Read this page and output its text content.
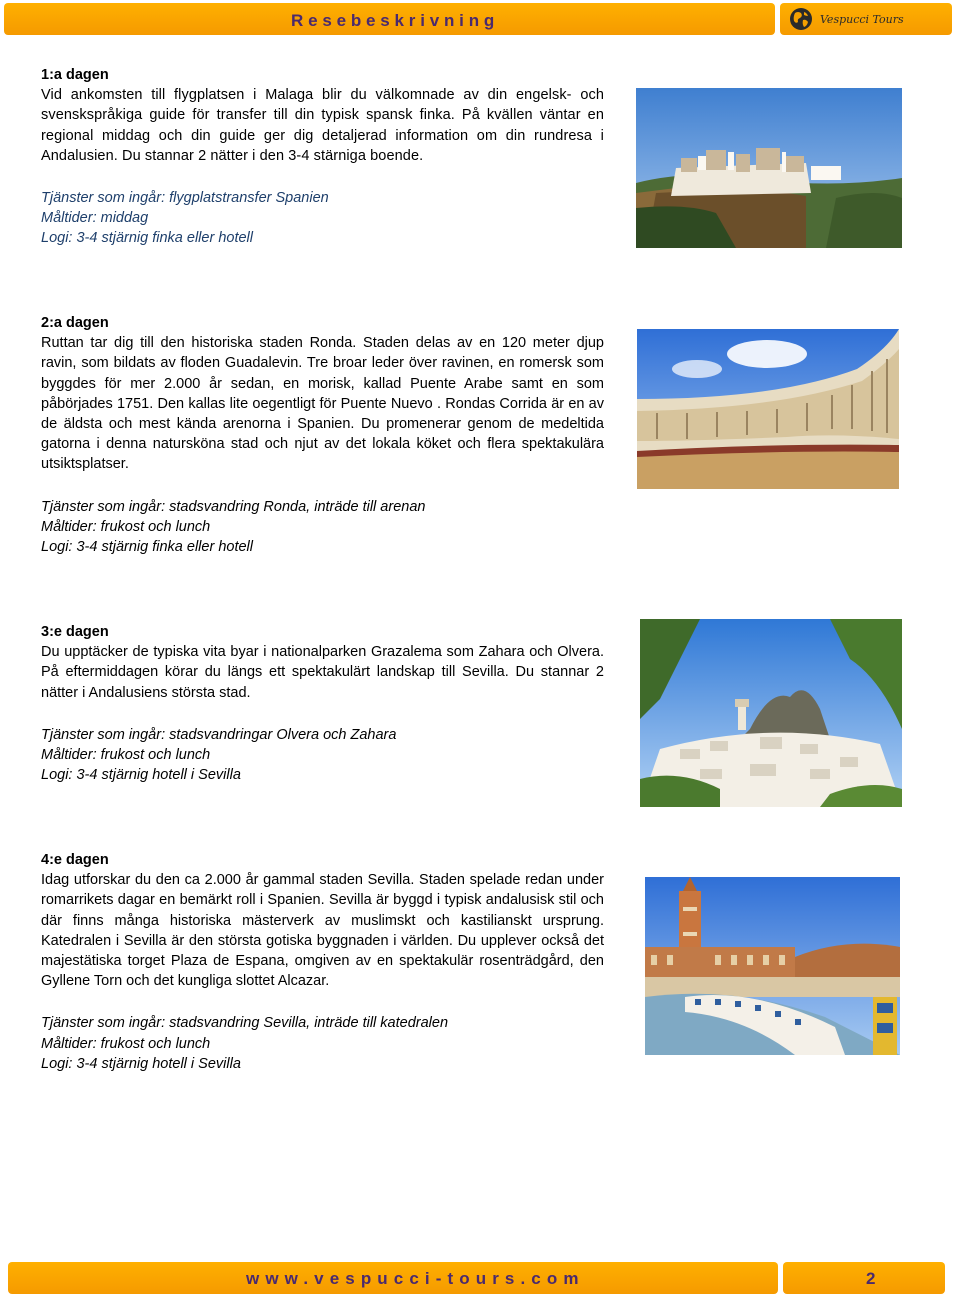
Resebeskrivning	Vespucci Tours
1:a dagen
Vid ankomsten till flygplatsen i Malaga blir du välkomnade av din engelsk- och svenskspråkiga guide för transfer till din typisk spansk finka. På kvällen väntar en regional middag och din guide ger dig detaljerad information om din rundresa i Andalusien. Du stannar 2 nätter i den 3-4 stärniga boende.
Tjänster som ingår: flygplatstransfer Spanien
Måltider: middag
Logi: 3-4 stjärnig finka eller hotell
2:a dagen
Ruttan tar dig till den historiska staden Ronda. Staden delas av en 120 meter djup ravin, som bildats av floden Guadalevin. Tre broar leder över ravinen, en romersk som byggdes för mer 2.000 år sedan, en morisk, kallad Puente Arabe samt en som påbörjades 1751. Den kallas lite oegentligt för Puente Nuevo . Rondas Corrida är en av de äldsta och mest kända arenorna i Spanien. Du promenerar genom de medeltida gatorna i denna natursköna stad och njut av det lokala köket och flera spektakulära utsiktsplatser.
Tjänster som ingår: stadsvandring Ronda, inträde till arenan
Måltider: frukost och lunch
Logi: 3-4 stjärnig finka eller hotell
3:e dagen
Du upptäcker de typiska vita byar i nationalparken Grazalema som Zahara och Olvera. På eftermiddagen körar du längs ett spektakulärt landskap till Sevilla. Du stannar 2 nätter i Andalusiens största stad.
Tjänster som ingår: stadsvandringar Olvera och Zahara
Måltider: frukost och lunch
Logi: 3-4 stjärnig hotell i Sevilla
4:e dagen
Idag utforskar du den ca 2.000 år gammal staden Sevilla. Staden spelade redan under romarrikets dagar en bemärkt roll i Spanien. Sevilla är byggd i typisk andalusisk stil och där finns många historiska mästerverk av muslimskt och kastilianskt ursprung. Katedralen i Sevilla är den största gotiska byggnaden i världen. Du upplever också det majestätiska torget Plaza de Espana, omgiven av en spektakulär rosenträdgård, den Gyllene Torn och det kungliga slottet Alcazar.
Tjänster som ingår: stadsvandring Sevilla, inträde till katedralen
Måltider: frukost och lunch
Logi: 3-4 stjärnig hotell i Sevilla
www.vespucci-tours.com	2
